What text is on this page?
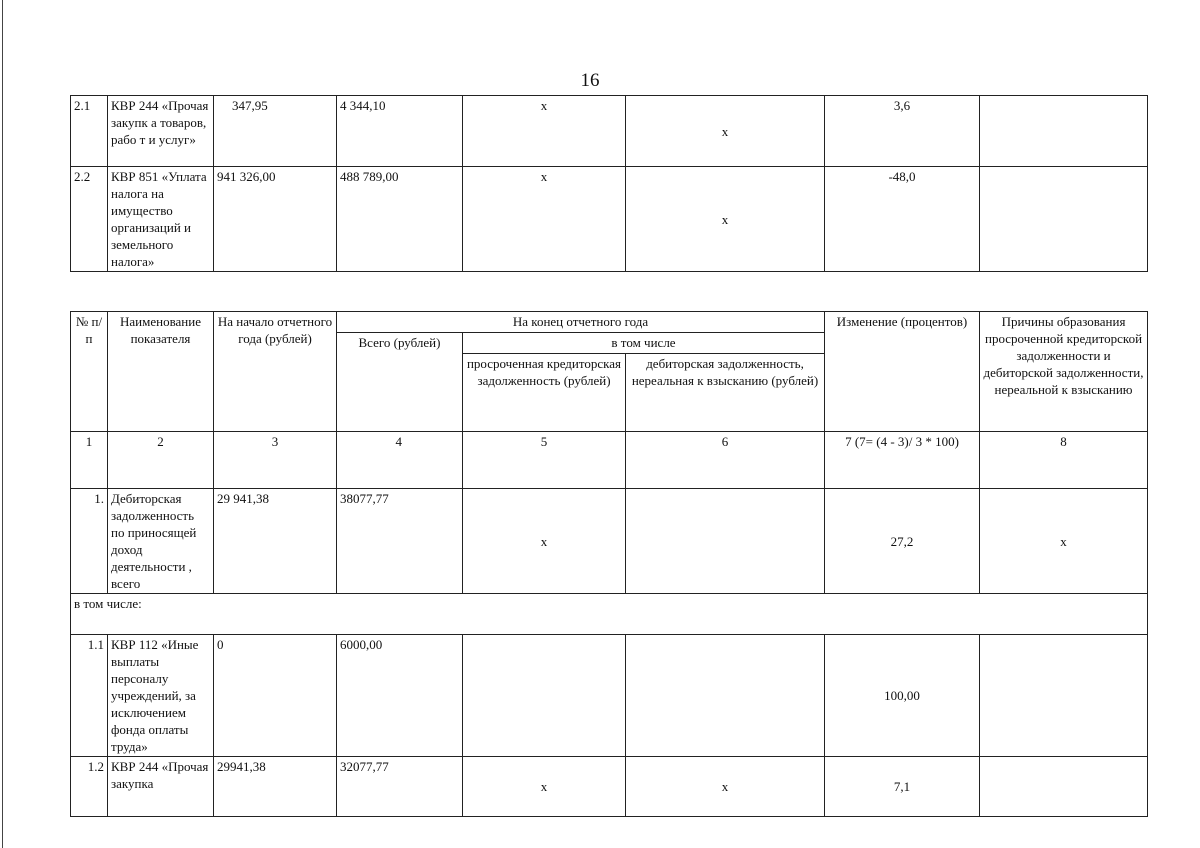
16
2.1	КВР 244 «Прочая закупк а товаров, рабо т и услуг»	347,95	4 344,10	x	x	3,6	
2.2	КВР 851 «Уплата налога на имущество организаций и земельного налога»	941 326,00	488 789,00	x	x	-48,0	
№ п/п	Наименование показателя	На начало отчетного года (рублей)	На конец отчетного года			Изменение (процентов)	Причины образования просроченной кредиторской задолженности и дебиторской задолженности, нереальной к взысканию
			Всего (рублей)	в том числе			
				просроченная кредиторская задолженность (рублей)	дебиторская задолженность, нереальная к взысканию (рублей)		
1	2	3	4	5	6	7 (7= (4 - 3)/ 3 * 100)	8
1.	Дебиторская задолженность по приносящей доход деятельности , всего	29 941,38	38077,77	x		27,2	x
в том числе:							
1.1	КВР 112 «Иные выплаты персоналу учреждений, за исключением фонда оплаты труда»	0	6000,00			100,00	
1.2	КВР 244 «Прочая закупка	29941,38	32077,77	x	x	7,1	
